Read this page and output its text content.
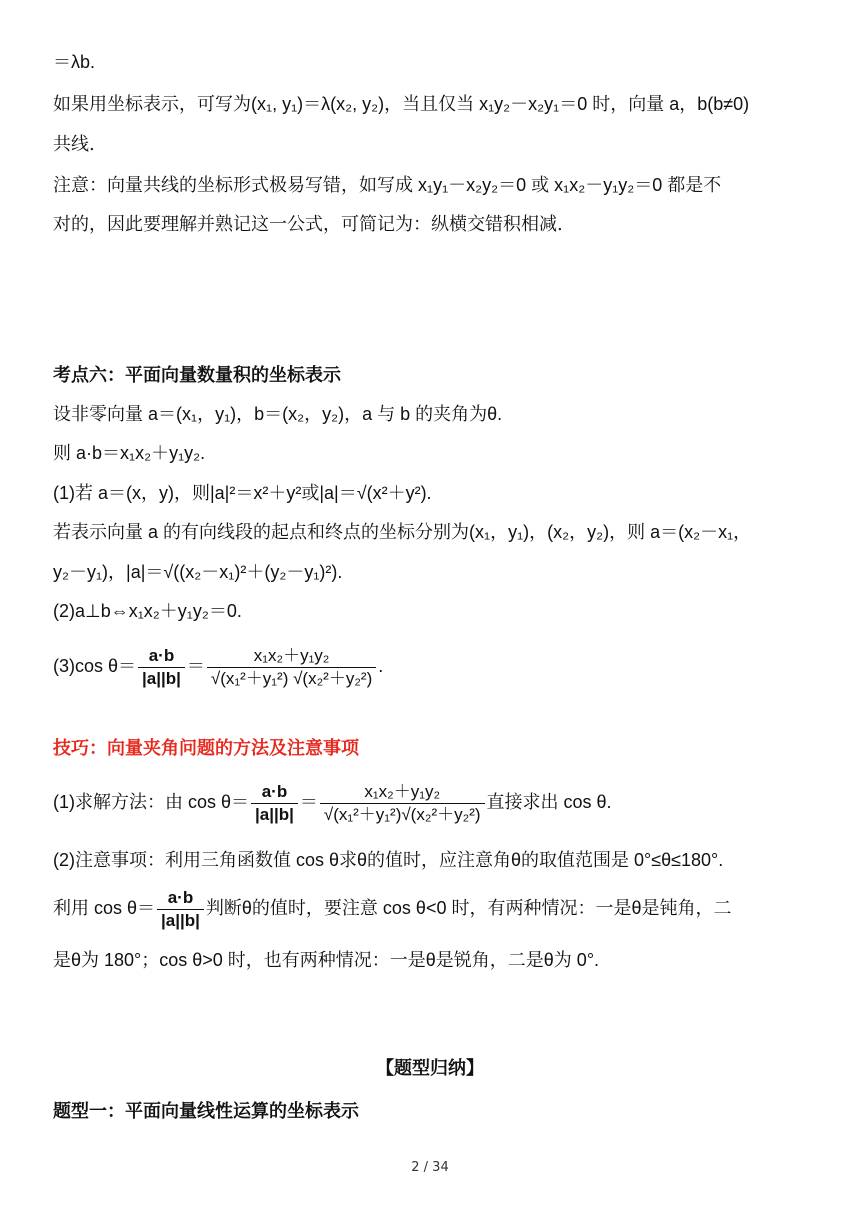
＝λb.
如果用坐标表示，可写为(x₁, y₁)＝λ(x₂, y₂)，当且仅当 x₁y₂－x₂y₁＝0 时，向量 a，b(b≠0)
共线.
注意：向量共线的坐标形式极易写错，如写成 x₁y₁－x₂y₂＝0 或 x₁x₂－y₁y₂＝0 都是不
对的，因此要理解并熟记这一公式，可简记为：纵横交错积相减.
考点六：平面向量数量积的坐标表示
设非零向量 a＝(x₁，y₁)，b＝(x₂，y₂)，a 与 b 的夹角为θ.
则 a·b＝x₁x₂＋y₁y₂.
(1)若 a＝(x，y)，则|a|²＝x²＋y²或|a|＝√(x²＋y²).
若表示向量 a 的有向线段的起点和终点的坐标分别为(x₁，y₁)，(x₂，y₂)，则 a＝(x₂－x₁，
y₂－y₁)，|a|＝√((x₂－x₁)²＋(y₂－y₁)²).
(2)a⊥b⇔x₁x₂＋y₁y₂＝0.
(3)cos $\theta= \frac{a\cdot b}{|a||b|} = \frac{\text{x₁x₂＋y₁y₂}}{\text{√(x₁²＋y₁²) √(x₂²＋y₂²)}}$ .
技巧：向量夹角问题的方法及注意事项
(1)求解方法：由 $\cos \theta= \frac{a\cdot b}{|a||b|} = \frac{\text{x₁x₂＋y₁y₂}}{\text{√(x₁²＋y₁²)√(x₂²＋y₂²)}}$ 直接求出 cos θ.
(2)注意事项：利用三角函数值 cos θ求θ的值时，应注意角θ的取值范围是 0°≤θ≤180°.
利用 $\cos \theta= \frac{a\cdot b}{|a||b|}$ 判断θ的值时，要注意 cos θ<0 时，有两种情况：一是θ是钝角，二
是θ为 180°；cos θ>0 时，也有两种情况：一是θ是锐角，二是θ为 0°.
【题型归纳】
题型一：平面向量线性运算的坐标表示
2 / 34
